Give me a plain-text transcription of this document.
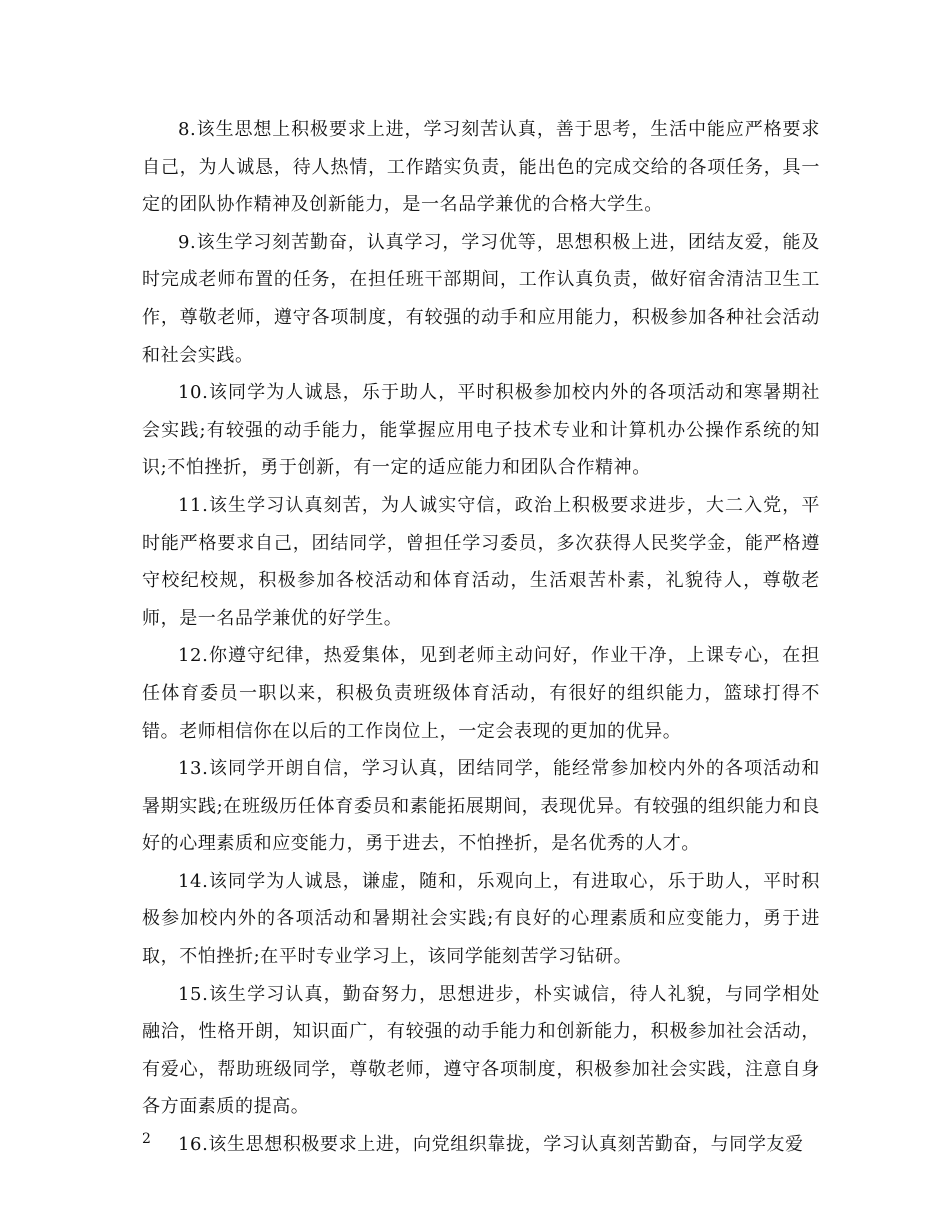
8.该生思想上积极要求上进，学习刻苦认真，善于思考，生活中能应严格要求自己，为人诚恳，待人热情，工作踏实负责，能出色的完成交给的各项任务，具一定的团队协作精神及创新能力，是一名品学兼优的合格大学生。

9.该生学习刻苦勤奋，认真学习，学习优等，思想积极上进，团结友爱，能及时完成老师布置的任务，在担任班干部期间，工作认真负责，做好宿舍清洁卫生工作，尊敬老师，遵守各项制度，有较强的动手和应用能力，积极参加各种社会活动和社会实践。

10.该同学为人诚恳，乐于助人，平时积极参加校内外的各项活动和寒暑期社会实践;有较强的动手能力，能掌握应用电子技术专业和计算机办公操作系统的知识;不怕挫折，勇于创新，有一定的适应能力和团队合作精神。

11.该生学习认真刻苦，为人诚实守信，政治上积极要求进步，大二入党，平时能严格要求自己，团结同学，曾担任学习委员，多次获得人民奖学金，能严格遵守校纪校规，积极参加各校活动和体育活动，生活艰苦朴素，礼貌待人，尊敬老师，是一名品学兼优的好学生。

12.你遵守纪律，热爱集体，见到老师主动问好，作业干净，上课专心，在担任体育委员一职以来，积极负责班级体育活动，有很好的组织能力，篮球打得不错。老师相信你在以后的工作岗位上，一定会表现的更加的优异。

13.该同学开朗自信，学习认真，团结同学，能经常参加校内外的各项活动和暑期实践;在班级历任体育委员和素能拓展期间，表现优异。有较强的组织能力和良好的心理素质和应变能力，勇于进去，不怕挫折，是名优秀的人才。

14.该同学为人诚恳，谦虚，随和，乐观向上，有进取心，乐于助人，平时积极参加校内外的各项活动和暑期社会实践;有良好的心理素质和应变能力，勇于进取，不怕挫折;在平时专业学习上，该同学能刻苦学习钻研。

15.该生学习认真，勤奋努力，思想进步，朴实诚信，待人礼貌，与同学相处融洽，性格开朗，知识面广，有较强的动手能力和创新能力，积极参加社会活动，有爱心，帮助班级同学，尊敬老师，遵守各项制度，积极参加社会实践，注意自身各方面素质的提高。

16.该生思想积极要求上进，向党组织靠拢，学习认真刻苦勤奋，与同学友爱

2
